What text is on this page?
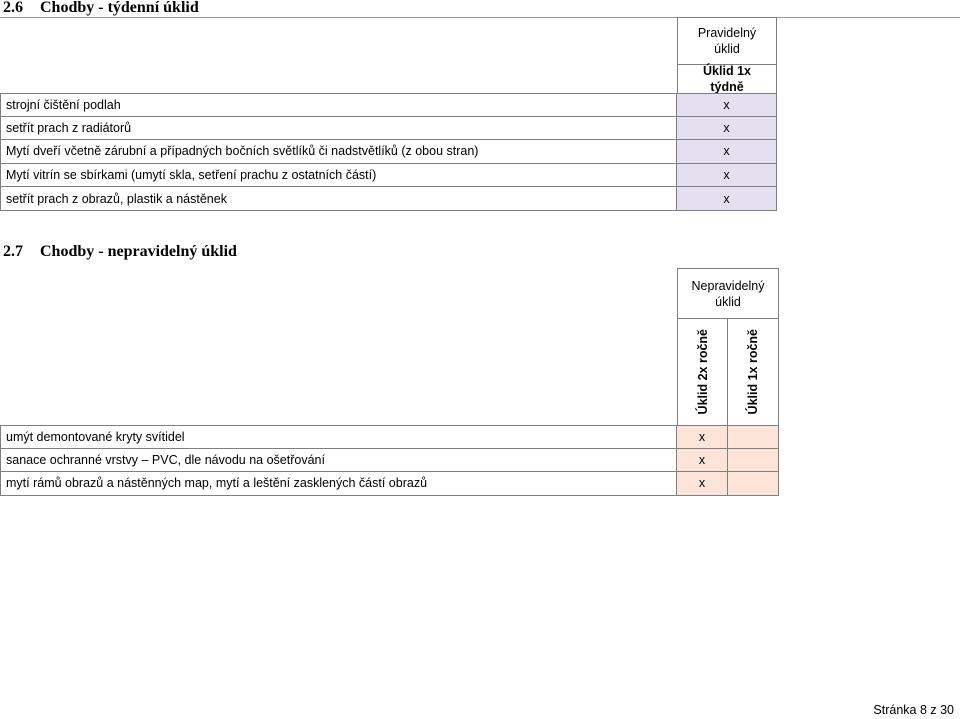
2.6 Chodby - týdenní úklid
Pravidelný úklid
Úklid 1x týdně
strojní čištění podlah	x
setřít prach z radiátorů	x
Mytí dveří včetně zárubní a případných bočních světlíků či nadstvětlíků (z obou stran)	x
Mytí vitrín se sbírkami (umytí skla, setření prachu z ostatních částí)	x
setřít prach z obrazů, plastik a nástěnek	x
2.7 Chodby - nepravidelný úklid
Nepravidelný úklid
Úklid 2x ročně	Úklid 1x ročně
umýt demontované kryty svítidel	x
sanace ochranné vrstvy – PVC, dle návodu na ošetřování	x
mytí rámů obrazů a nástěnných map, mytí a leštění zasklených částí obrazů	x
Stránka 8 z 30
